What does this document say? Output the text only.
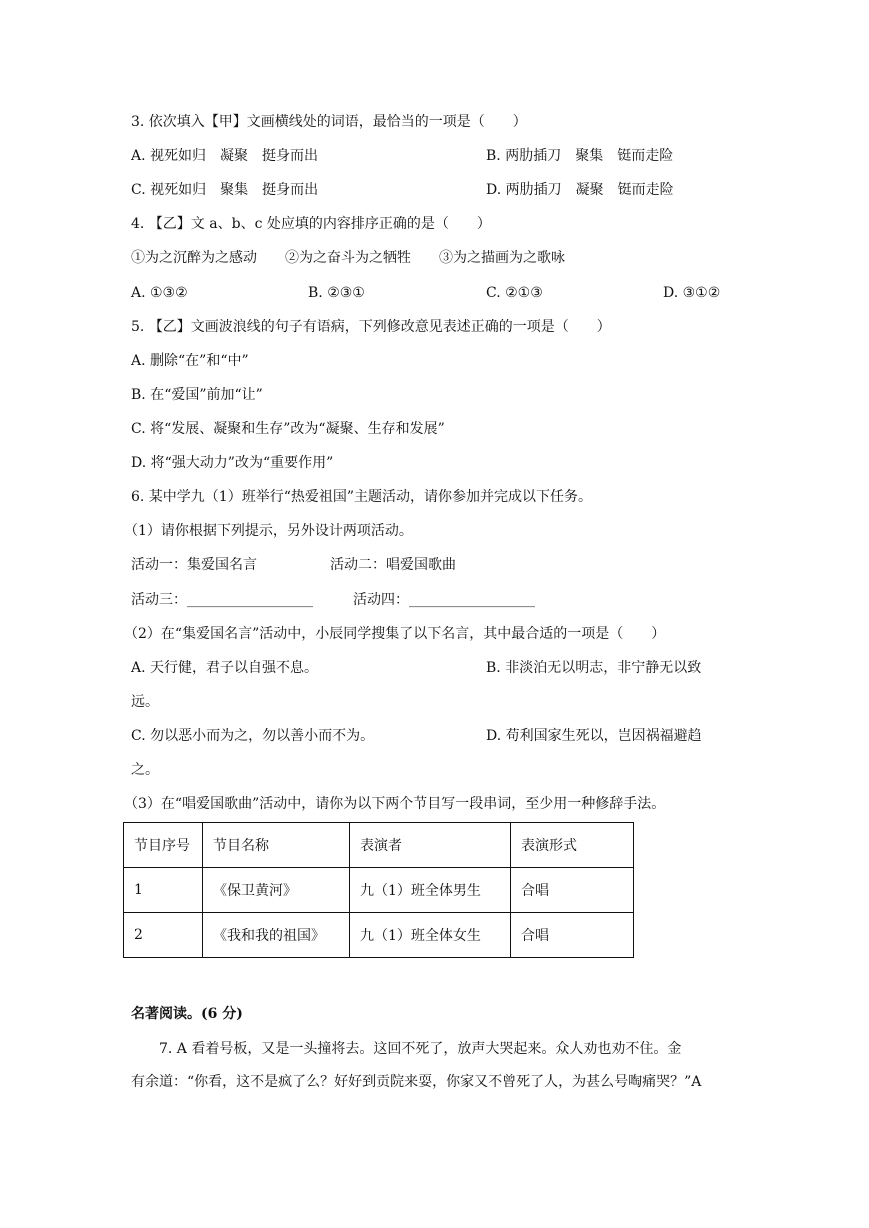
3. 依次填入【甲】文画横线处的词语，最恰当的一项是（　　）
A. 视死如归　凝聚　挺身而出	B. 两肋插刀　聚集　铤而走险
C. 视死如归　聚集　挺身而出	D. 两肋插刀　凝聚　铤而走险
4. 【乙】文 a、b、c 处应填的内容排序正确的是（　　）
①为之沉醉为之感动　　②为之奋斗为之牺牲　　③为之描画为之歌咏
A. ①③②	B. ②③①	C. ②①③	D. ③①②
5. 【乙】文画波浪线的句子有语病，下列修改意见表述正确的一项是（　　）
A. 删除“在”和“中”
B. 在“爱国”前加“让”
C. 将“发展、凝聚和生存”改为“凝聚、生存和发展”
D. 将“强大动力”改为“重要作用”
6. 某中学九（1）班举行“热爱祖国”主题活动，请你参加并完成以下任务。
（1）请你根据下列提示，另外设计两项活动。
活动一：集爱国名言	活动二：唱爱国歌曲
活动三：__________________	活动四：__________________
（2）在“集爱国名言”活动中，小辰同学搜集了以下名言，其中最合适的一项是（　　）
A. 天行健，君子以自强不息。	B. 非淡泊无以明志，非宁静无以致
远。
C. 勿以恶小而为之，勿以善小而不为。	D. 苟利国家生死以，岂因祸福避趋
之。
（3）在“唱爱国歌曲”活动中，请你为以下两个节目写一段串词，至少用一种修辞手法。
节目序号	节目名称	表演者	表演形式
1	《保卫黄河》	九（1）班全体男生	合唱
2	《我和我的祖国》	九（1）班全体女生	合唱
名著阅读。(6 分)
7. A 看着号板，又是一头撞将去。这回不死了，放声大哭起来。众人劝也劝不住。金
有余道：“你看，这不是疯了么？好好到贡院来耍，你家又不曾死了人，为甚么号啕痛哭？”A
